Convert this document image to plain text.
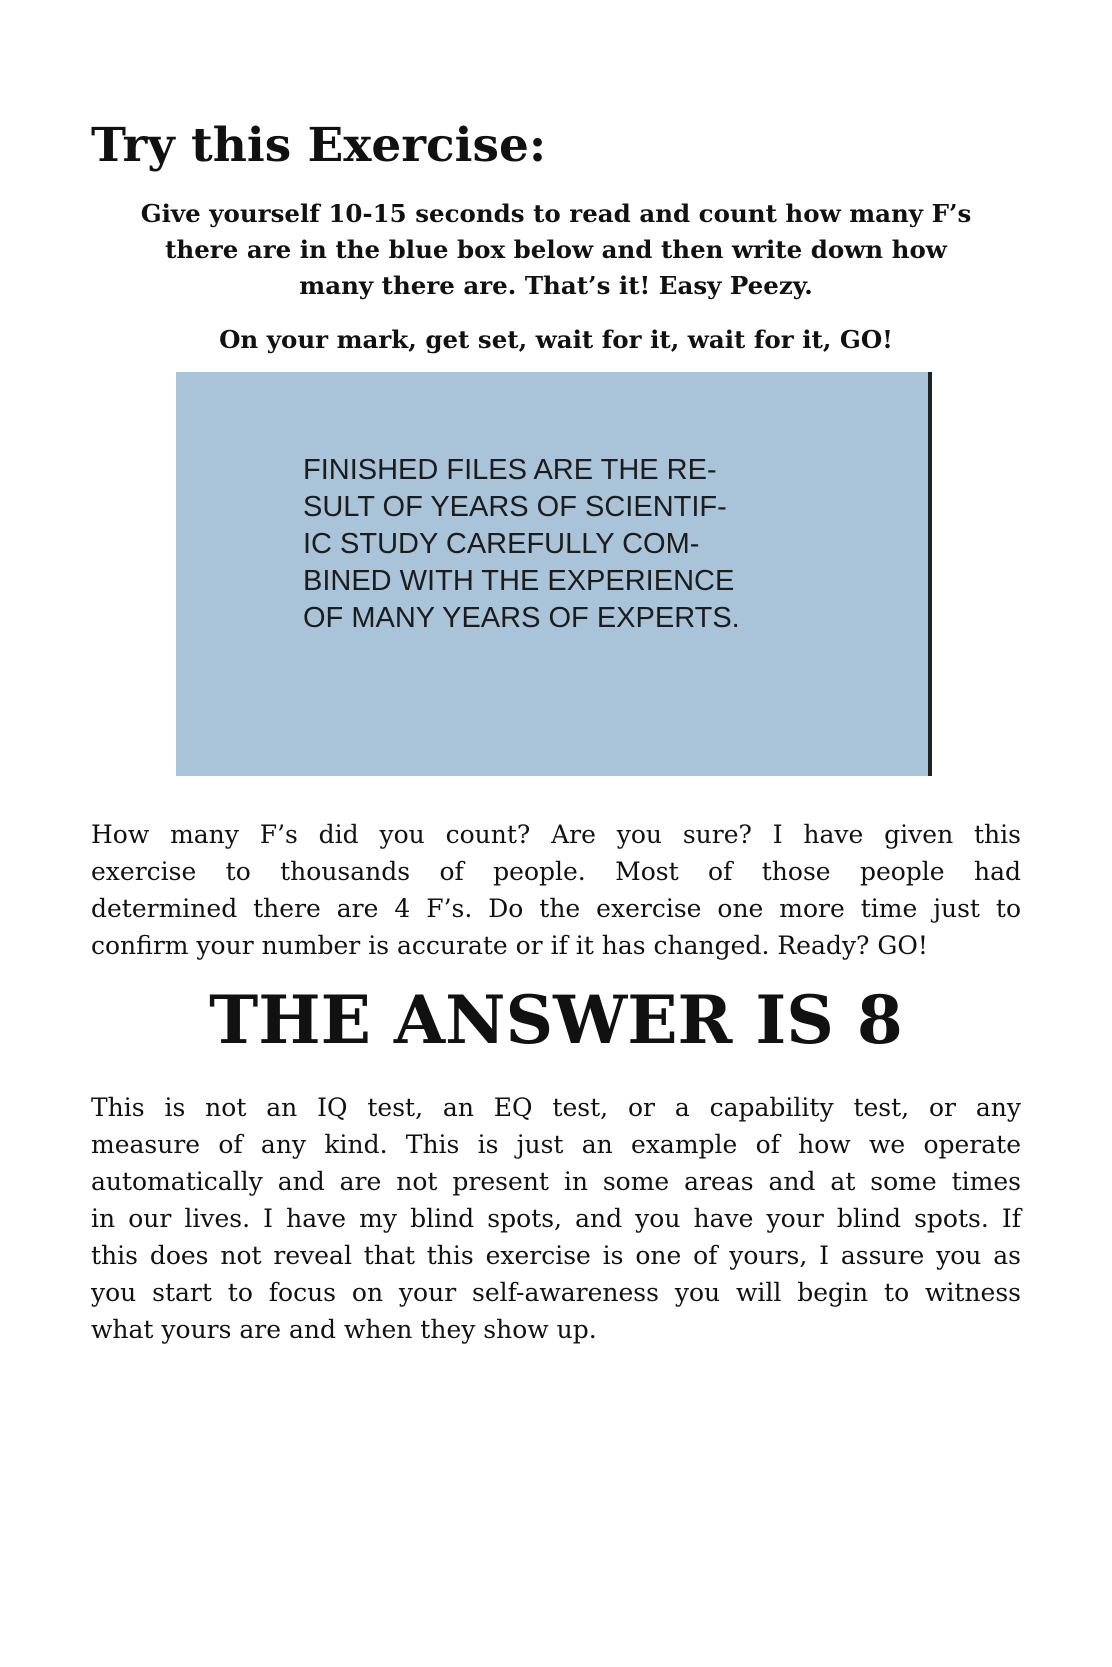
Try this Exercise:

Give yourself 10-15 seconds to read and count how many F’s
there are in the blue box below and then write down how
many there are. That’s it! Easy Peezy.

On your mark, get set, wait for it, wait for it, GO!

FINISHED FILES ARE THE RE-
SULT OF YEARS OF SCIENTIF-
IC STUDY CAREFULLY COM-
BINED WITH THE EXPERIENCE
OF MANY YEARS OF EXPERTS.

How many F’s did you count? Are you sure? I have given this
exercise to thousands of people. Most of those people had
determined there are 4 F’s. Do the exercise one more time just to
confirm your number is accurate or if it has changed. Ready? GO!

THE ANSWER IS 8

This is not an IQ test, an EQ test, or a capability test, or any
measure of any kind. This is just an example of how we operate
automatically and are not present in some areas and at some times
in our lives. I have my blind spots, and you have your blind spots. If
this does not reveal that this exercise is one of yours, I assure you as
you start to focus on your self-awareness you will begin to witness
what yours are and when they show up.
